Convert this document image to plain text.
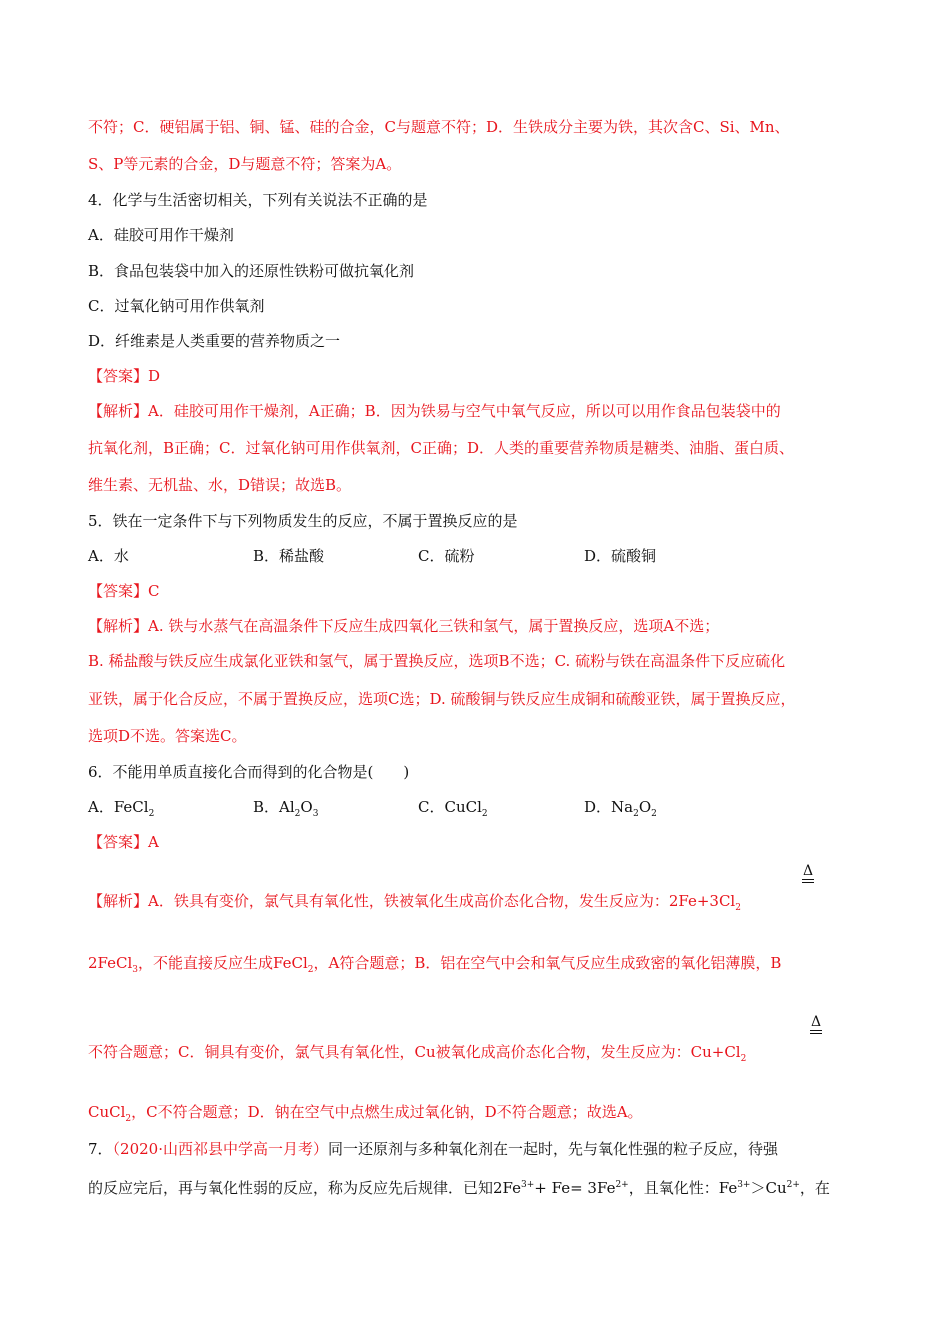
不符；C．硬铝属于铝、铜、锰、硅的合金，C与题意不符；D．生铁成分主要为铁，其次含C、Si、Mn、
S、P等元素的合金，D与题意不符；答案为A。
4．化学与生活密切相关，下列有关说法不正确的是
A．硅胶可用作干燥剂
B．食品包装袋中加入的还原性铁粉可做抗氧化剂
C．过氧化钠可用作供氧剂
D．纤维素是人类重要的营养物质之一
【答案】D
【解析】A．硅胶可用作干燥剂，A正确；B．因为铁易与空气中氧气反应，所以可以用作食品包装袋中的
抗氧化剂，B正确；C．过氧化钠可用作供氧剂，C正确；D．人类的重要营养物质是糖类、油脂、蛋白质、
维生素、无机盐、水，D错误；故选B。
5．铁在一定条件下与下列物质发生的反应，不属于置换反应的是
A．水	B．稀盐酸	C．硫粉	D．硫酸铜
【答案】C
【解析】A. 铁与水蒸气在高温条件下反应生成四氧化三铁和氢气，属于置换反应，选项A不选；
B. 稀盐酸与铁反应生成氯化亚铁和氢气，属于置换反应，选项B不选；C. 硫粉与铁在高温条件下反应硫化
亚铁，属于化合反应，不属于置换反应，选项C选；D. 硫酸铜与铁反应生成铜和硫酸亚铁，属于置换反应，
选项D不选。答案选C。
6．不能用单质直接化合而得到的化合物是(　　)
A．FeCl$_2$	B．$Al_2O_3$	C．CuCl$_2$	D．$Na_2O_2$
【答案】A
Δ
【解析】A．铁具有变价，氯气具有氧化性，铁被氧化生成高价态化合物，发生反应为：$2Fe+3Cl_2$
2FeCl$_3$，不能直接反应生成FeCl$_2$，A符合题意；B．铝在空气中会和氧气反应生成致密的氧化铝薄膜，B
Δ
不符合题意；C．铜具有变价，氯气具有氧化性，Cu被氧化成高价态化合物，发生反应为：$Cu+Cl_2$
CuCl$_2$，C不符合题意；D．钠在空气中点燃生成过氧化钠，D不符合题意；故选A。
7．（2020·山西祁县中学高一月考）同一还原剂与多种氧化剂在一起时，先与氧化性强的粒子反应，待强
的反应完后，再与氧化性弱的反应，称为反应先后规律．已知$2Fe^{3+}+ Fe= 3Fe^{2+}$，且氧化性：$Fe^{3+}>Cu^{2+}$，在
